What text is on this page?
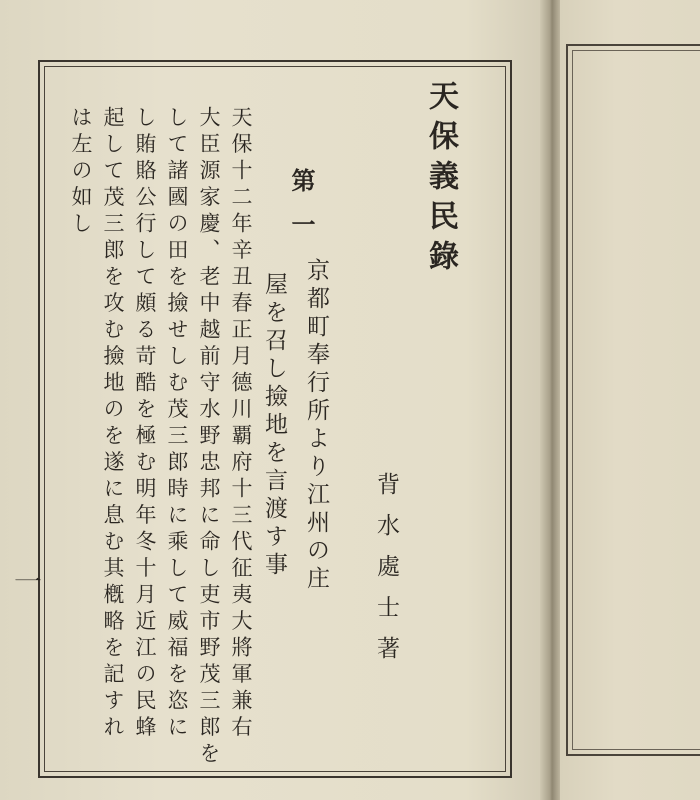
天保義民錄
背水處士著
第一
京都町奉行所より江州の庄
屋を召し撿地を言渡す事
天保十二年辛丑春正月德川覇府十三代征夷大將軍兼右
大臣源家慶、老中越前守水野忠邦に命し吏市野茂三郎を
して諸國の田を撿せしむ茂三郎時に乘して威福を恣に
し賄賂公行して頗る苛酷を極む明年冬十月近江の民蜂
起して茂三郎を攻む撿地のを遂に息む其槪略を記すれ
は左の如し
一
